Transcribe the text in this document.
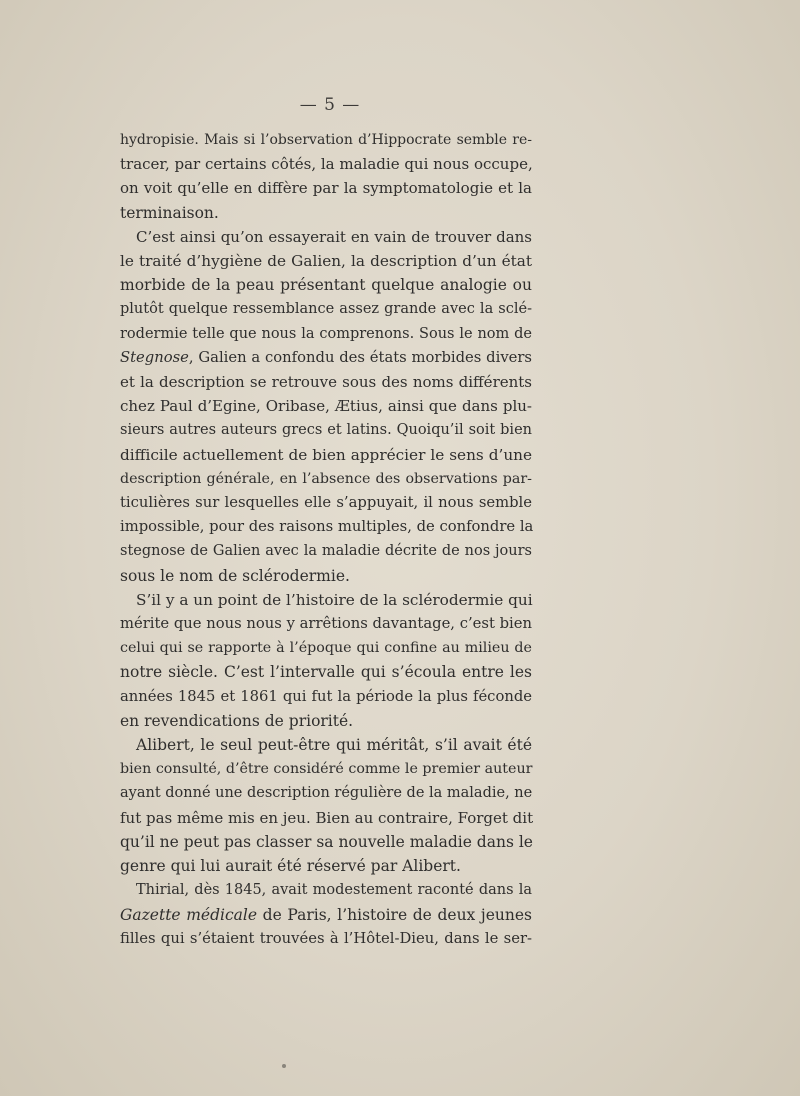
— 5 —
hydropisie. Mais si l’observation d’Hippocrate semble re-
tracer, par certains côtés, la maladie qui nous occupe,
on voit qu’elle en diffère par la symptomatologie et la
terminaison.
C’est ainsi qu’on essayerait en vain de trouver dans
le traité d’hygiène de Galien, la description d’un état
morbide de la peau présentant quelque analogie ou
plutôt quelque ressemblance assez grande avec la sclé-
rodermie telle que nous la comprenons. Sous le nom de
Stegnose, Galien a confondu des états morbides divers
et la description se retrouve sous des noms différents
chez Paul d’Egine, Oribase, Ætius, ainsi que dans plu-
sieurs autres auteurs grecs et latins. Quoiqu’il soit bien
difficile actuellement de bien apprécier le sens d’une
description générale, en l’absence des observations par-
ticulières sur lesquelles elle s’appuyait, il nous semble
impossible, pour des raisons multiples, de confondre la
stegnose de Galien avec la maladie décrite de nos jours
sous le nom de sclérodermie.
S’il y a un point de l’histoire de la sclérodermie qui
mérite que nous nous y arrêtions davantage, c’est bien
celui qui se rapporte à l’époque qui confine au milieu de
notre siècle. C’est l’intervalle qui s’écoula entre les
années 1845 et 1861 qui fut la période la plus féconde
en revendications de priorité.
Alibert, le seul peut-être qui méritât, s’il avait été
bien consulté, d’être considéré comme le premier auteur
ayant donné une description régulière de la maladie, ne
fut pas même mis en jeu. Bien au contraire, Forget dit
qu’il ne peut pas classer sa nouvelle maladie dans le
genre qui lui aurait été réservé par Alibert.
Thirial, dès 1845, avait modestement raconté dans la
Gazette médicale de Paris, l’histoire de deux jeunes
filles qui s’étaient trouvées à l’Hôtel-Dieu, dans le ser-
